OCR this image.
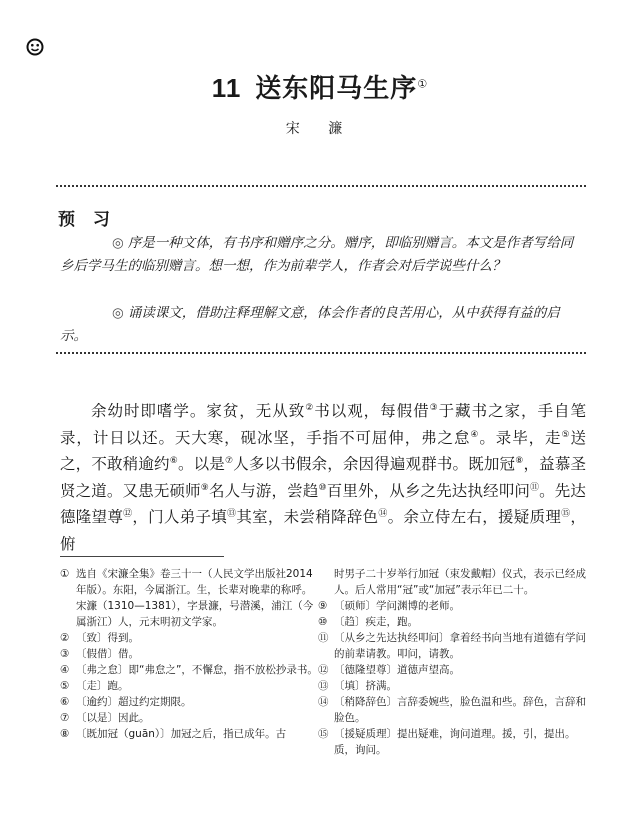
11 送东阳马生序①
宋 濂
预 习
◎ 序是一种文体，有书序和赠序之分。赠序，即临别赠言。本文是作者写给同乡后学马生的临别赠言。想一想，作为前辈学人，作者会对后学说些什么？
◎ 诵读课文，借助注释理解文意，体会作者的良苦用心，从中获得有益的启示。
余幼时即嗜学。家贫，无从致②书以观，每假借③于藏书之家，手自笔录，计日以还。天大寒，砚冰坚，手指不可屈伸，弗之怠④。录毕，走⑤送之，不敢稍逾约⑥。以是⑦人多以书假余，余因得遍观群书。既加冠⑧，益慕圣贤之道。又患无硕师⑨名人与游，尝趋⑩百里外，从乡之先达执经叩问⑪。先达德隆望尊⑫，门人弟子填⑬其室，未尝稍降辞色⑭。余立侍左右，援疑质理⑮，俯
① 选自《宋濂全集》卷三十一（人民文学出版社2014年版）。东阳，今属浙江。生，长辈对晚辈的称呼。宋濂（1310—1381），字景濂，号潜溪，浦江（今属浙江）人，元末明初文学家。
② 〔致〕得到。
③ 〔假借〕借。
④ 〔弗之怠〕即“弗怠之”，不懈怠，指不放松抄录书。
⑤ 〔走〕跑。
⑥ 〔逾约〕超过约定期限。
⑦ 〔以是〕因此。
⑧ 〔既加冠（guān）〕加冠之后，指已成年。古
时男子二十岁举行加冠（束发戴帽）仪式，表示已经成人。后人常用“冠”或“加冠”表示年已二十。
⑨ 〔硕师〕学问渊博的老师。
⑩ 〔趋〕疾走，跑。
⑪ 〔从乡之先达执经叩问〕拿着经书向当地有道德有学问的前辈请教。叩问，请教。
⑫ 〔德隆望尊〕道德声望高。
⑬ 〔填〕挤满。
⑭ 〔稍降辞色〕言辞委婉些，脸色温和些。辞色，言辞和脸色。
⑮ 〔援疑质理〕提出疑难，询问道理。援，引，提出。质，询问。
